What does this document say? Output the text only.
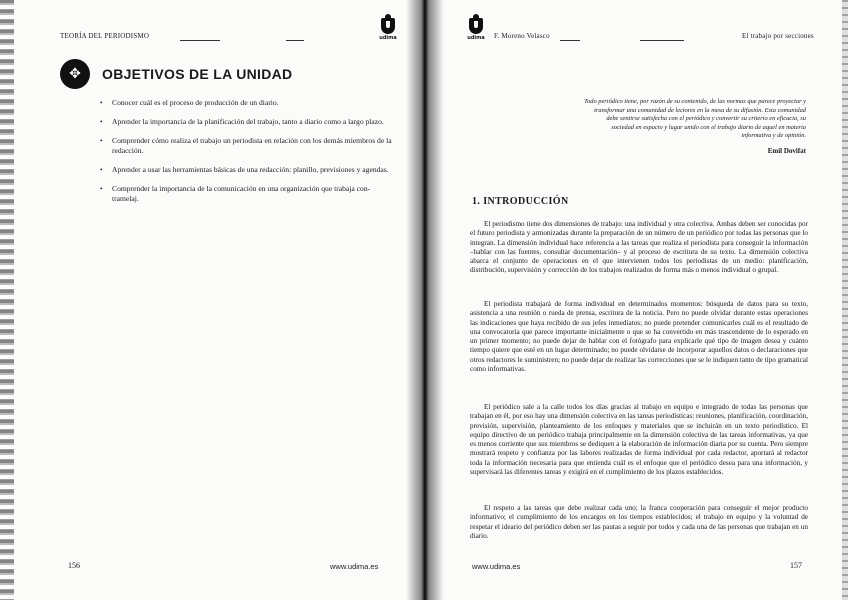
TEORÍA DEL PERIODISMO	udima
✥	OBJETIVOS DE LA UNIDAD
• Conocer cuál es el proceso de producción de un diario.
• Aprender la importancia de la planificación del trabajo, tanto a diario como a largo plazo.
• Comprender cómo realiza el trabajo un periodista en relación con los demás miembros de la redacción.
• Aprender a usar las herramientas básicas de una redacción: planillo, previsiones y agendas.
• Comprender la importancia de la comunicación en una organización que trabaja con-tramelaj.
156	www.udima.es
udima F. Moreno Velasco	El trabajo por secciones
Todo periódico tiene, por razón de su contenido, de las normas que parece proyectar y transformar una comunidad de lectores en la mesa de su difusión. Esta comunidad debe sentirse satisfecha con el periódico y convertir su criterio en eficacia, su sociedad en espacio y lugar unido con el trabajo diario de aquel en materia informativa y de opinión.
Emil Dovifat
1. INTRODUCCIÓN

El periodismo tiene dos dimensiones de trabajo: una individual y otra colectiva. Ambas deben ser conocidas por el futuro periodista y armonizadas durante la preparación de un número de un periódico por todas las personas que lo integran. La dimensión individual hace referencia a las tareas que realiza el periodista para conseguir la información –hablar con las fuentes, consultar documentación– y al proceso de escritura de su texto. La dimensión colectiva abarca el conjunto de operaciones en el que intervienen todos los periodistas de un medio: planificación, distribución, supervisión y corrección de los trabajos realizados de forma más o menos individual o grupal.

El periodista trabajará de forma individual en determinados momentos: búsqueda de datos para su texto, asistencia a una reunión o rueda de prensa, escritura de la noticia. Pero no puede olvidar durante estas operaciones las indicaciones que haya recibido de sus jefes inmediatos; no puede pretender comunicarles cuál es el resultado de una convocatoria que parece importante inicialmente o que se ha convertido en más trascendente de lo esperado en un primer momento; no puede dejar de hablar con el fotógrafo para explicarle qué tipo de imagen desea y cuánto tiempo quiere que esté en un lugar determinado; no puede olvidarse de incorporar aquellos datos o declaraciones que otros redactores le suministren; no puede dejar de realizar las correcciones que se le indiquen tanto de tipo gramatical como informativas.

El periódico sale a la calle todos los días gracias al trabajo en equipo e integrado de todas las personas que trabajan en él, por eso hay una dimensión colectiva en las tareas periodísticas: reuniones, planificación, coordinación, previsión, supervisión, planteamiento de los enfoques y materiales que se incluirán en un texto periodístico. El equipo directivo de un periódico trabaja principalmente en la dimensión colectiva de las tareas informativas, ya que es menos corriente que sus miembros se dediquen a la elaboración de información diaria por su cuenta. Pero siempre mostrará respeto y confianza por las labores realizadas de forma individual por cada redactor, aportará al redactor toda la información necesaria para que entienda cuál es el enfoque que el periódico desea para una información, y supervisará las diferentes tareas y exigirá en el cumplimiento de los plazos establecidos.

El respeto a las tareas que debe realizar cada uno; la franca cooperación para conseguir el mejor producto informativo; el cumplimiento de los encargos en los tiempos establecidos; el trabajo en equipo y la voluntad de respetar el ideario del periódico deben ser las pautas a seguir por todos y cada una de las personas que trabajan en un diario.

www.udima.es	157
